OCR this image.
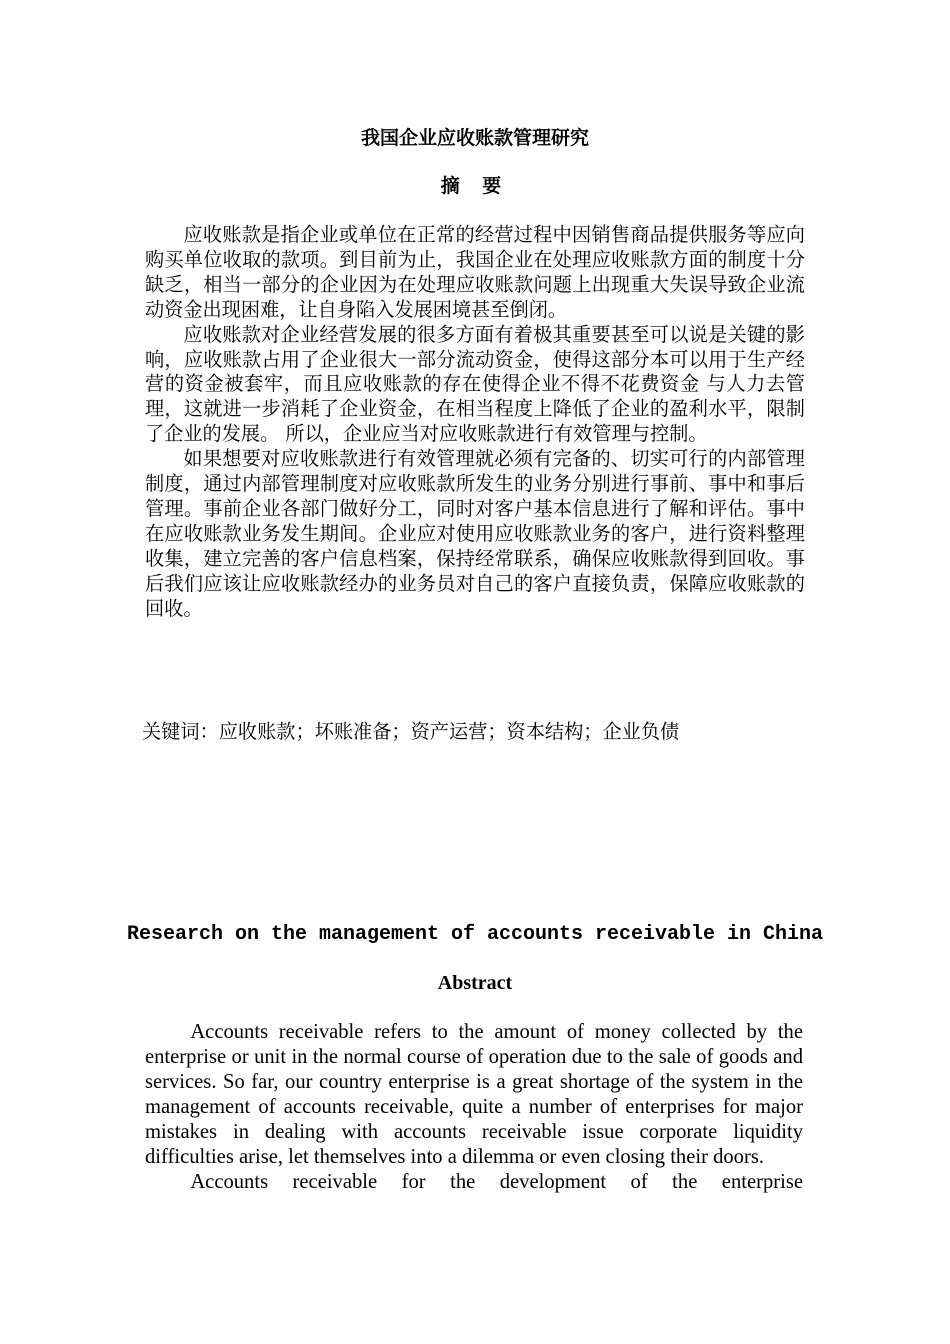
我国企业应收账款管理研究
摘 要

应收账款是指企业或单位在正常的经营过程中因销售商品提供服务等应向购买单位收取的款项。到目前为止，我国企业在处理应收账款方面的制度十分缺乏，相当一部分的企业因为在处理应收账款问题上出现重大失误导致企业流动资金出现困难，让自身陷入发展困境甚至倒闭。

应收账款对企业经营发展的很多方面有着极其重要甚至可以说是关键的影响，应收账款占用了企业很大一部分流动资金，使得这部分本可以用于生产经营的资金被套牢，而且应收账款的存在使得企业不得不花费资金 与人力去管理，这就进一步消耗了企业资金，在相当程度上降低了企业的盈利水平，限制了企业的发展。 所以，企业应当对应收账款进行有效管理与控制。

如果想要对应收账款进行有效管理就必须有完备的、切实可行的内部管理制度，通过内部管理制度对应收账款所发生的业务分别进行事前、事中和事后管理。事前企业各部门做好分工，同时对客户基本信息进行了解和评估。事中在应收账款业务发生期间。企业应对使用应收账款业务的客户，进行资料整理收集，建立完善的客户信息档案，保持经常联系，确保应收账款得到回收。事后我们应该让应收账款经办的业务员对自己的客户直接负责，保障应收账款的回收。

关键词：应收账款；坏账准备；资产运营；资本结构；企业负债
Research on the management of accounts receivable in China
Abstract

Accounts receivable refers to the amount of money collected by the enterprise or unit in the normal course of operation due to the sale of goods and services. So far, our country enterprise is a great shortage of the system in the management of accounts receivable, quite a number of enterprises for major mistakes in dealing with accounts receivable issue corporate liquidity difficulties arise, let themselves into a dilemma or even closing their doors.

Accounts receivable for the development of the enterprise
